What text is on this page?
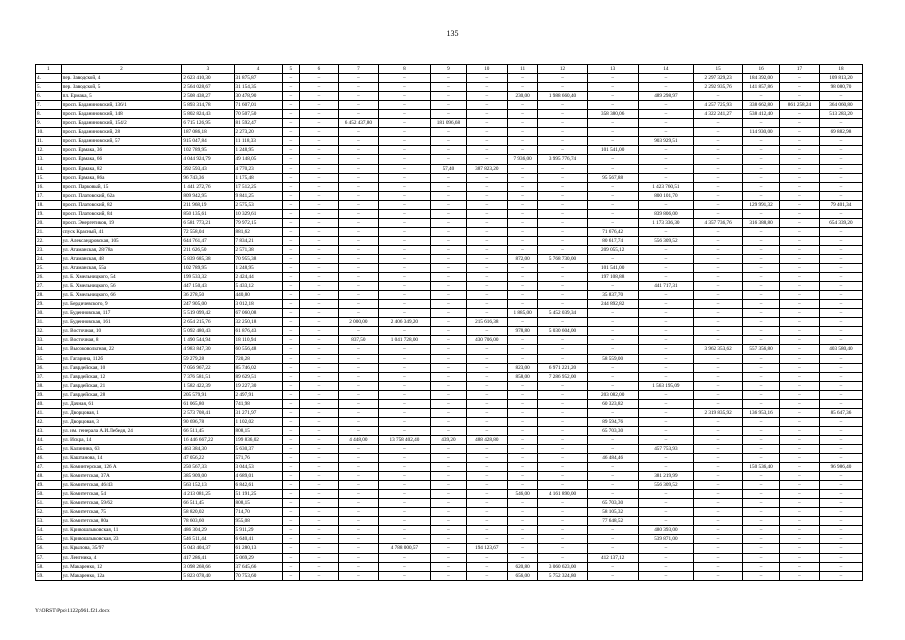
135
1	2	3	4	5	6	7	8	9	10	11	12	13	14	15	16	17	18
4.	пер. Заводской, 4	2 623 410,30	31 875,87	–	–	–	–	–	–	–	–	–	–	2 297 329,23	184 392,00	–	109 813,20
5.	пер. Заводской, 5	2 564 028,67	31 154,35	–	–	–	–	–	–	–	–	–	–	2 292 935,76	141 857,86	–	98 080,70
6.	пл. Ермака, 5	2 508 438,27	30 478,90	–	–	–	–	–	–	230,00	1 988 660,40	–	489 298,97	–	–	–	–
7.	просп. Баданиновский, 136/1	5 893 314,78	71 607,01	–	–	–	–	–	–	–	–	–	–	4 257 725,93	338 662,80	861 258,24	364 060,80
8.	просп. Баданиновский, 148	5 802 824,43	70 507,50	–	–	–	–	–	–	–	–	358 380,06	–	4 322 241,27	538 412,40	–	513 283,20
9.	просп. Баданиновский, 154/2	6 715 126,95	81 592,47	–	–	6 452 437,80	–	181 096,68	–	–	–	–	–	–	–	–	–
10.	просп. Баданиновский, 28	187 086,18	2 273,20	–	–	–	–	–	–	–	–	–	–	–	114 930,00	–	69 882,98
11.	просп. Баданиновский, 57	915 047,84	11 118,33	–	–	–	–	–	–	–	–	–	903 929,51	–	–	–	–
12.	просп. Ермака, 36	102 789,95	1 248,95	–	–	–	–	–	–	–	–	101 541,00	–	–	–	–	–
13.	просп. Ермака, 66	4 044 924,79	49 148,05	–	–	–	–	–	–	7 936,00	3 995 776,74	–	–	–	–	–	–
14.	просп. Ермака, 82	392 593,43	4 770,23	–	–	–	–	57,40	387 823,20	–	–	–	–	–	–	–	–
15.	просп. Ермака, 86а	96 743,36	1 175,48	–	–	–	–	–	–	–	–	95 567,88	–	–	–	–	–
16.	просп. Парковый, 15	1 441 272,76	17 512,25	–	–	–	–	–	–	–	–	–	1 423 760,51	–	–	–	–
17.	просп. Платовский, 62а	809 942,95	9 841,25	–	–	–	–	–	–	–	–	–	800 101,70	–	–	–	–
18.	просп. Платовский, 82	211 968,19	2 575,53	–	–	–	–	–	–	–	–	–	–	–	129 991,32	–	79 401,34
19.	просп. Платовский, 84	850 135,61	10 329,61	–	–	–	–	–	–	–	–	–	839 806,00	–	–	–	–
20.	просп. Энергетиков, 19	6 581 773,21	79 972,15	–	–	–	–	–	–	–	–	–	1 173 336,30	4 357 736,76	316 388,80	–	654 339,20
21.	спуск Красный, 41	72 558,04	881,62	–	–	–	–	–	–	–	–	71 676,42	–	–	–	–	–
22.	ул. Александровская, 105	644 761,47	7 834,21	–	–	–	–	–	–	–	–	80 617,74	556 309,52	–	–	–	–
23.	ул. Атаманская, 28/78а	211 626,50	2 571,38	–	–	–	–	–	–	–	–	209 055,12	–	–	–	–	–
24.	ул. Атаманская, 48	5 839 685,38	70 955,38	–	–	–	–	–	–	872,00	5 768 730,00	–	–	–	–	–	–
25.	ул. Атаманская, 55а	102 789,95	1 248,95	–	–	–	–	–	–	–	–	101 541,00	–	–	–	–	–
26.	ул. Б. Хмельницкого, 54	199 533,32	2 424,44	–	–	–	–	–	–	–	–	197 108,88	–	–	–	–	–
27.	ул. Б. Хмельницкого, 56	447 150,43	5 433,12	–	–	–	–	–	–	–	–	–	441 717,31	–	–	–	–
28.	ул. Б. Хмельницкого, 66	36 278,50	440,80	–	–	–	–	–	–	–	–	35 837,70	–	–	–	–	–
29.	ул. Бердичевского, 9	247 905,00	3 012,18	–	–	–	–	–	–	–	–	244 892,82	–	–	–	–	–
30.	ул. Буденновская, 117	5 519 099,42	67 060,08	–	–	–	–	–	–	1 885,00	5 452 039,34	–	–	–	–	–	–
31.	ул. Буденновская, 161	2 654 215,76	32 250,18	–	–	2 000,00	2 406 349,20	–	215 616,38	–	–	–	–	–	–	–	–
32.	ул. Восточная, 10	5 092 480,43	61 876,43	–	–	–	–	–	–	978,80	5 030 604,00	–	–	–	–	–	–
33.	ул. Восточная, 8	1 490 544,94	18 110,94	–	–	837,50	1 041 728,00	–	430 706,00	–	–	–	–	–	–	–	–
34.	ул. Высоковольтная, 22	4 983 847,30	60 556,48	–	–	–	–	–	–	–	–	–	–	3 962 353,62	557 356,80	–	403 580,40
35.	ул. Гагарина, 112б	59 279,28	720,28	–	–	–	–	–	–	–	–	58 559,00	–	–	–	–	–
36.	ул. Гаврдейская, 10	7 056 967,22	85 746,02	–	–	–	–	–	–	823,00	6 971 221,20	–	–	–	–	–	–
37.	ул. Гаврдейская, 12	7 376 581,51	89 629,51	–	–	–	–	–	–	858,00	7 286 952,00	–	–	–	–	–	–
38.	ул. Гаврдейская, 21	1 582 422,39	19 227,30	–	–	–	–	–	–	–	–	–	1 563 195,09	–	–	–	–
39.	ул. Гаврдейская, 28	205 579,91	2 497,91	–	–	–	–	–	–	–	–	203 082,00	–	–	–	–	–
40.	ул. Дачная, 61	61 065,80	741,98	–	–	–	–	–	–	–	–	60 323,82	–	–	–	–	–
41.	ул. Дворцовая, 1	2 573 708,41	31 271,97	–	–	–	–	–	–	–	–	–	–	2 319 835,92	136 953,16	–	85 647,36
42.	ул. Дворцовая, 3	90 696,78	1 102,02	–	–	–	–	–	–	–	–	89 594,76	–	–	–	–	–
43.	ул. им. генерала А.И.Лебедя, 24	66 511,45	808,15	–	–	–	–	–	–	–	–	65 703,30	–	–	–	–	–
44.	ул. Искра, 14	16 446 667,22	199 836,02	–	–	4 448,00	13 758 402,40	439,20	488 428,80	–	–	–	–	–	–	–	–
45.	ул. Калинина, 63	463 384,30	5 630,37	–	–	–	–	–	–	–	–	–	457 753,93	–	–	–	–
46.	ул. Каштанова, 14	47 056,22	571,76	–	–	–	–	–	–	–	–	46 484,46	–	–	–	–	–
47.	ул. Коминтерская, 126 А	250 567,33	3 044,53	–	–	–	–	–	–	–	–	–	–	–	150 536,40	–	96 986,40
48.	ул. Комитетская, 37А	385 909,00	4 689,01	–	–	–	–	–	–	–	–	–	381 219,99	–	–	–	–
49.	ул. Комитетская, 46/43	563 152,13	6 842,61	–	–	–	–	–	–	–	–	–	556 309,52	–	–	–	–
50.	ул. Комитетская, 54	4 213 081,25	51 191,25	–	–	–	–	–	–	546,00	4 161 890,00	–	–	–	–	–	–
51.	ул. Комитетская, 59/62	66 511,45	808,15	–	–	–	–	–	–	–	–	65 703,30	–	–	–	–	–
52.	ул. Комитетская, 75	58 820,02	714,70	–	–	–	–	–	–	–	–	58 105,32	–	–	–	–	–
53.	ул. Комитетская, 80а	78 603,60	955,08	–	–	–	–	–	–	–	–	77 648,52	–	–	–	–	–
54.	ул. Кривошлыковская, 11	486 304,29	5 911,29	–	–	–	–	–	–	–	–	–	480 393,00	–	–	–	–
55.	ул. Кривошлыковская, 23	546 511,44	6 640,41	–	–	–	–	–	–	–	–	–	539 871,00	–	–	–	–
56.	ул. Крылова, 35/97	5 043 404,37	61 280,13	–	–	–	4 788 000,57	–	194 123,67	–	–	–	–	–	–	–	–
57.	ул. Ленгника, 4	417 286,41	5 069,29	–	–	–	–	–	–	–	–	412 137,12	–	–	–	–	–
58.	ул. Макаренко, 12	3 098 268,66	37 645,66	–	–	–	–	–	–	620,80	3 060 623,00	–	–	–	–	–	–
59.	ул. Макаренко, 12а	5 823 078,40	70 753,60	–	–	–	–	–	–	656,00	5 752 324,80	–	–	–	–	–	–
Y:\ORST\Ppo\1122p961.f21.docx
